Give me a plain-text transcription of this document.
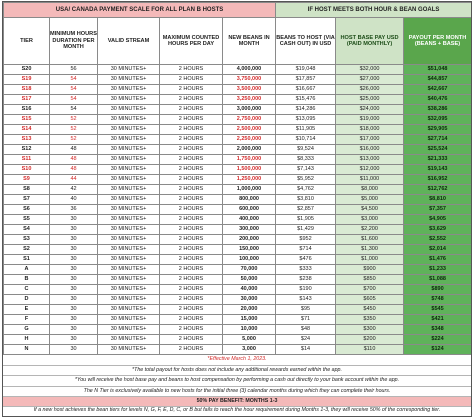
USA/ CANADA PAYMENT SCALE FOR ALL PLAN B HOSTS					IF HOST MEETS BOTH HOUR & BEAN GOALS		
TIER	MINIMUM HOURS DURATION PER MONTH	VALID STREAM	MAXIMUM COUNTED HOURS PER DAY	NEW BEANS IN MONTH	BEANS TO HOST (VIA CASH OUT) IN USD	HOST BASE PAY USD (PAID MONTHLY)	PAYOUT PER MONTH (BEANS + BASE)
S20	56	30 MINUTES+	2 HOURS	4,000,000	$19,048	$32,000	$51,048
S19	54	30 MINUTES+	2 HOURS	3,750,000	$17,857	$27,000	$44,857
S18	54	30 MINUTES+	2 HOURS	3,500,000	$16,667	$26,000	$42,667
S17	54	30 MINUTES+	2 HOURS	3,250,000	$15,476	$25,000	$40,476
S16	54	30 MINUTES+	2 HOURS	3,000,000	$14,286	$24,000	$38,286
S15	52	30 MINUTES+	2 HOURS	2,750,000	$13,095	$19,000	$32,095
S14	52	30 MINUTES+	2 HOURS	2,500,000	$11,905	$18,000	$29,905
S13	52	30 MINUTES+	2 HOURS	2,250,000	$10,714	$17,000	$27,714
S12	48	30 MINUTES+	2 HOURS	2,000,000	$9,524	$16,000	$25,524
S11	48	30 MINUTES+	2 HOURS	1,750,000	$8,333	$13,000	$21,333
S10	48	30 MINUTES+	2 HOURS	1,500,000	$7,143	$12,000	$19,143
S9	44	30 MINUTES+	2 HOURS	1,250,000	$5,952	$11,000	$16,952
S8	42	30 MINUTES+	2 HOURS	1,000,000	$4,762	$8,000	$12,762
S7	40	30 MINUTES+	2 HOURS	800,000	$3,810	$5,000	$8,810
S6	36	30 MINUTES+	2 HOURS	600,000	$2,857	$4,500	$7,357
S5	30	30 MINUTES+	2 HOURS	400,000	$1,905	$3,000	$4,905
S4	30	30 MINUTES+	2 HOURS	300,000	$1,429	$2,200	$3,629
S3	30	30 MINUTES+	2 HOURS	200,000	$952	$1,600	$2,552
S2	30	30 MINUTES+	2 HOURS	150,000	$714	$1,300	$2,014
S1	30	30 MINUTES+	2 HOURS	100,000	$476	$1,000	$1,476
A	30	30 MINUTES+	2 HOURS	70,000	$333	$900	$1,233
B	30	30 MINUTES+	2 HOURS	50,000	$238	$850	$1,088
C	30	30 MINUTES+	2 HOURS	40,000	$190	$700	$890
D	30	30 MINUTES+	2 HOURS	30,000	$143	$605	$748
E	30	30 MINUTES+	2 HOURS	20,000	$95	$450	$545
F	30	30 MINUTES+	2 HOURS	15,000	$71	$350	$421
G	30	30 MINUTES+	2 HOURS	10,000	$48	$300	$348
H	30	30 MINUTES+	2 HOURS	5,000	$24	$200	$224
N	30	30 MINUTES+	2 HOURS	3,000	$14	$110	$124
*Effective March 1, 2023.
*The total payout for hosts does not include any additional rewards earned within the app.
*You will receive the host base pay and beans to host compensation by performing a cash out directly to your bank account within the app.
The N Tier is exclusively available to new hosts for the initial three (3) calendar months during which they can complete their hours.
50% PAY BENEFIT: MONTHS 1-3
If a new host achieves the bean tiers for levels N, G, F, E, D, C, or B but fails to reach the hour requirement during Months 1-3, they will receive 50% of the corresponding tier.
